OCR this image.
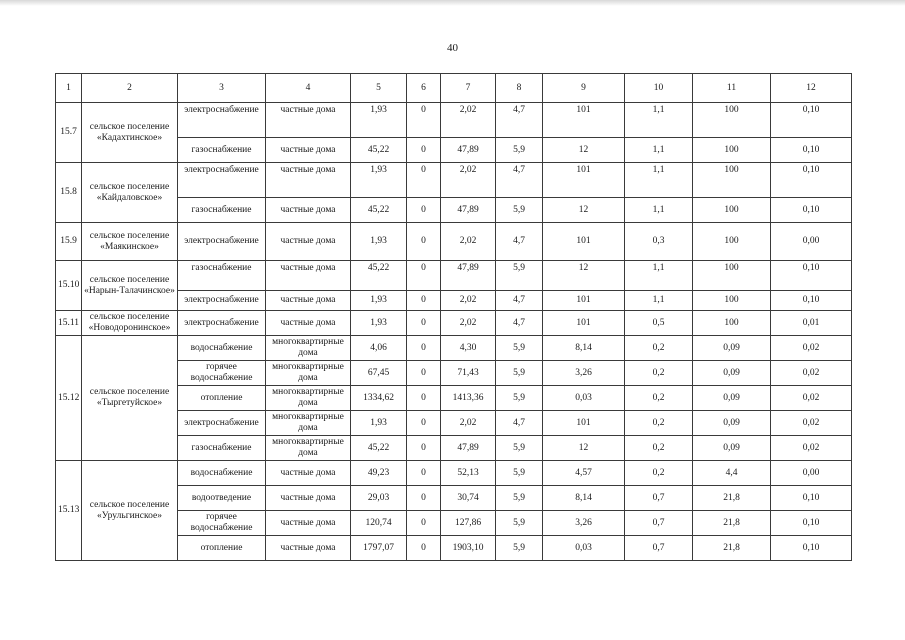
40
1	2	3	4	5	6	7	8	9	10	11	12
15.7	сельское поселение «Кадахтинское»	электроснабжение	частные дома	1,93	0	2,02	4,7	101	1,1	100	0,10
		газоснабжение	частные дома	45,22	0	47,89	5,9	12	1,1	100	0,10
15.8	сельское поселение «Кайдаловское»	электроснабжение	частные дома	1,93	0	2,02	4,7	101	1,1	100	0,10
		газоснабжение	частные дома	45,22	0	47,89	5,9	12	1,1	100	0,10
15.9	сельское поселение «Маякинское»	электроснабжение	частные дома	1,93	0	2,02	4,7	101	0,3	100	0,00
15.10	сельское поселение «Нарын-Талачинское»	газоснабжение	частные дома	45,22	0	47,89	5,9	12	1,1	100	0,10
		электроснабжение	частные дома	1,93	0	2,02	4,7	101	1,1	100	0,10
15.11	сельское поселение «Новодоронинское»	электроснабжение	частные дома	1,93	0	2,02	4,7	101	0,5	100	0,01
15.12	сельское поселение «Тыргетуйское»	водоснабжение	многоквартирные дома	4,06	0	4,30	5,9	8,14	0,2	0,09	0,02
		горячее водоснабжение	многоквартирные дома	67,45	0	71,43	5,9	3,26	0,2	0,09	0,02
		отопление	многоквартирные дома	1334,62	0	1413,36	5,9	0,03	0,2	0,09	0,02
		электроснабжение	многоквартирные дома	1,93	0	2,02	4,7	101	0,2	0,09	0,02
		газоснабжение	многоквартирные дома	45,22	0	47,89	5,9	12	0,2	0,09	0,02
15.13	сельское поселение «Урульгинское»	водоснабжение	частные дома	49,23	0	52,13	5,9	4,57	0,2	4,4	0,00
		водоотведение	частные дома	29,03	0	30,74	5,9	8,14	0,7	21,8	0,10
		горячее водоснабжение	частные дома	120,74	0	127,86	5,9	3,26	0,7	21,8	0,10
		отопление	частные дома	1797,07	0	1903,10	5,9	0,03	0,7	21,8	0,10
